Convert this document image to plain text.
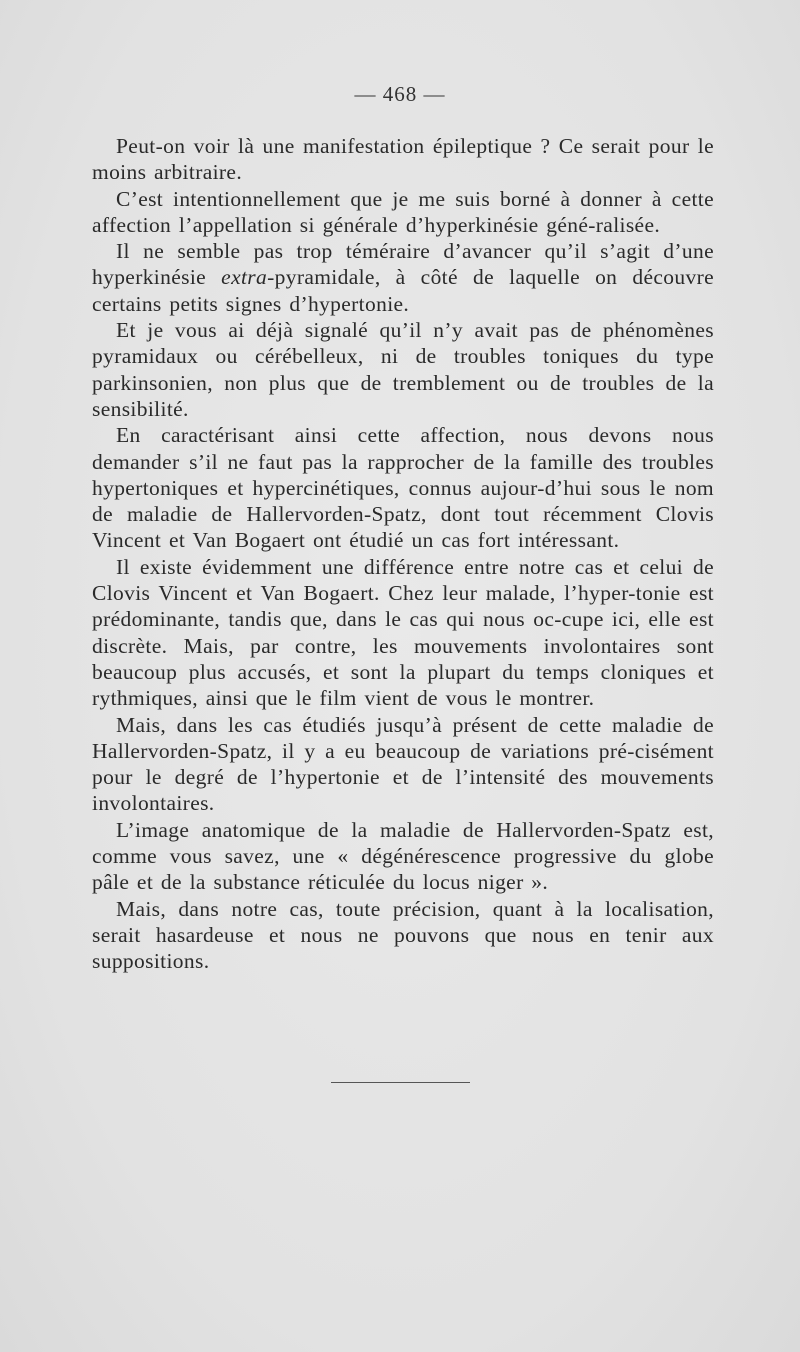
— 468 —

Peut-on voir là une manifestation épileptique ? Ce serait pour le moins arbitraire.

C’est intentionnellement que je me suis borné à donner à cette affection l’appellation si générale d’hyperkinésie géné-ralisée.

Il ne semble pas trop téméraire d’avancer qu’il s’agit d’une hyperkinésie extra-pyramidale, à côté de laquelle on découvre certains petits signes d’hypertonie.

Et je vous ai déjà signalé qu’il n’y avait pas de phénomènes pyramidaux ou cérébelleux, ni de troubles toniques du type parkinsonien, non plus que de tremblement ou de troubles de la sensibilité.

En caractérisant ainsi cette affection, nous devons nous demander s’il ne faut pas la rapprocher de la famille des troubles hypertoniques et hypercinétiques, connus aujour-d’hui sous le nom de maladie de Hallervorden-Spatz, dont tout récemment Clovis Vincent et Van Bogaert ont étudié un cas fort intéressant.

Il existe évidemment une différence entre notre cas et celui de Clovis Vincent et Van Bogaert. Chez leur malade, l’hyper-tonie est prédominante, tandis que, dans le cas qui nous oc-cupe ici, elle est discrète. Mais, par contre, les mouvements involontaires sont beaucoup plus accusés, et sont la plupart du temps cloniques et rythmiques, ainsi que le film vient de vous le montrer.

Mais, dans les cas étudiés jusqu’à présent de cette maladie de Hallervorden-Spatz, il y a eu beaucoup de variations pré-cisément pour le degré de l’hypertonie et de l’intensité des mouvements involontaires.

L’image anatomique de la maladie de Hallervorden-Spatz est, comme vous savez, une « dégénérescence progressive du globe pâle et de la substance réticulée du locus niger ».

Mais, dans notre cas, toute précision, quant à la localisation, serait hasardeuse et nous ne pouvons que nous en tenir aux suppositions.
